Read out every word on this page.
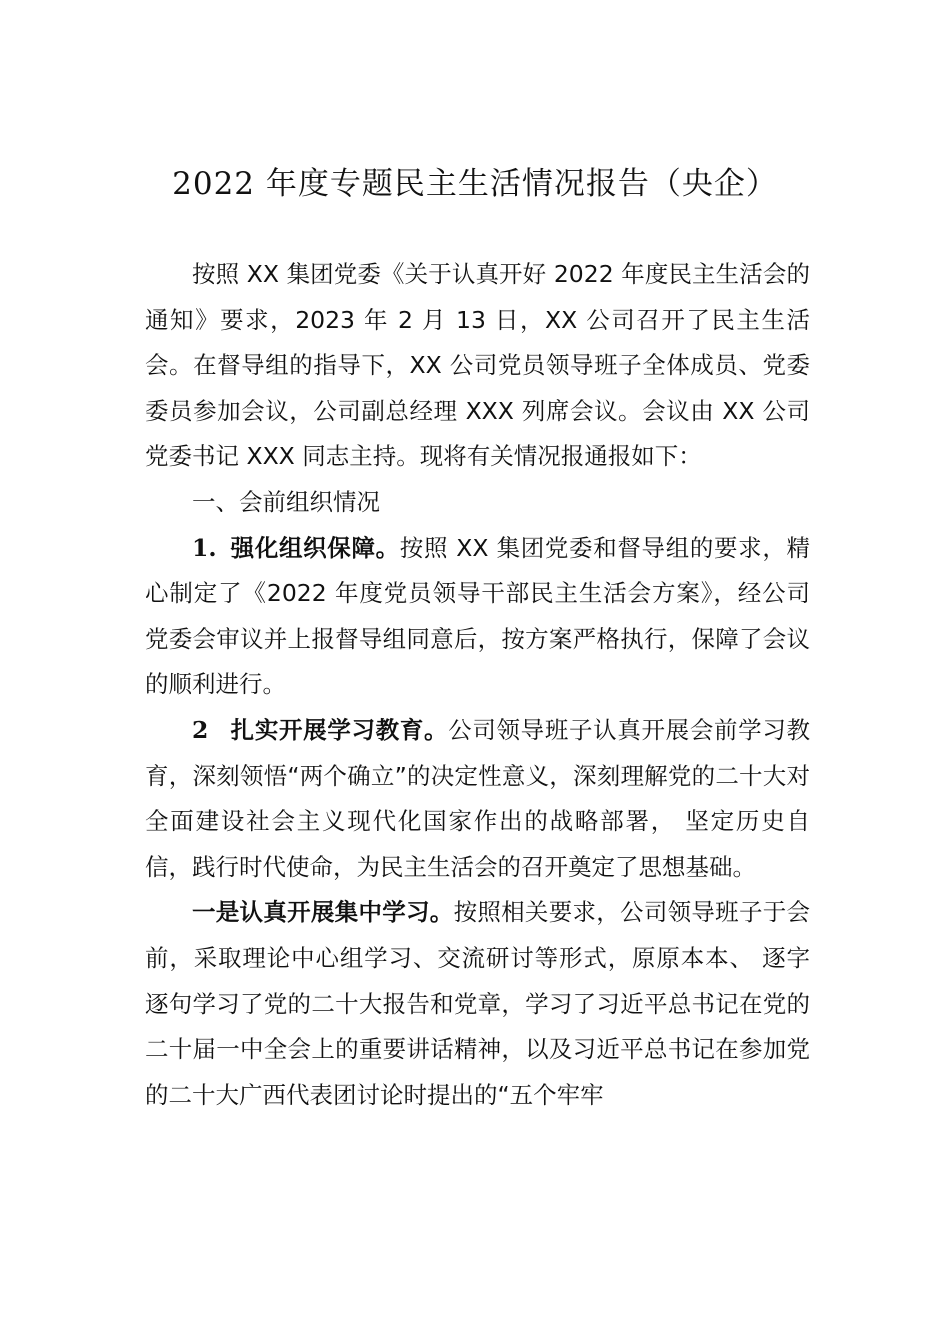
2022 年度专题民主生活情况报告（央企）

按照 XX 集团党委《关于认真开好 2022 年度民主生活会的通知》要求，2023 年 2 月 13 日，XX 公司召开了民主生活会。在督导组的指导下，XX 公司党员领导班子全体成员、党委委员参加会议，公司副总经理 XXX 列席会议。会议由 XX 公司党委书记 XXX 同志主持。现将有关情况报通报如下：

一、会前组织情况

1. 强化组织保障。按照 XX 集团党委和督导组的要求，精心制定了《2022 年度党员领导干部民主生活会方案》，经公司党委会审议并上报督导组同意后，按方案严格执行，保障了会议的顺利进行。

2 扎实开展学习教育。公司领导班子认真开展会前学习教育，深刻领悟“两个确立”的决定性意义，深刻理解党的二十大对全面建设社会主义现代化国家作出的战略部署， 坚定历史自信，践行时代使命，为民主生活会的召开奠定了思想基础。

一是认真开展集中学习。按照相关要求，公司领导班子于会前，采取理论中心组学习、交流研讨等形式，原原本本、 逐字逐句学习了党的二十大报告和党章，学习了习近平总书记在党的二十届一中全会上的重要讲话精神，以及习近平总书记在参加党的二十大广西代表团讨论时提出的“五个牢牢
